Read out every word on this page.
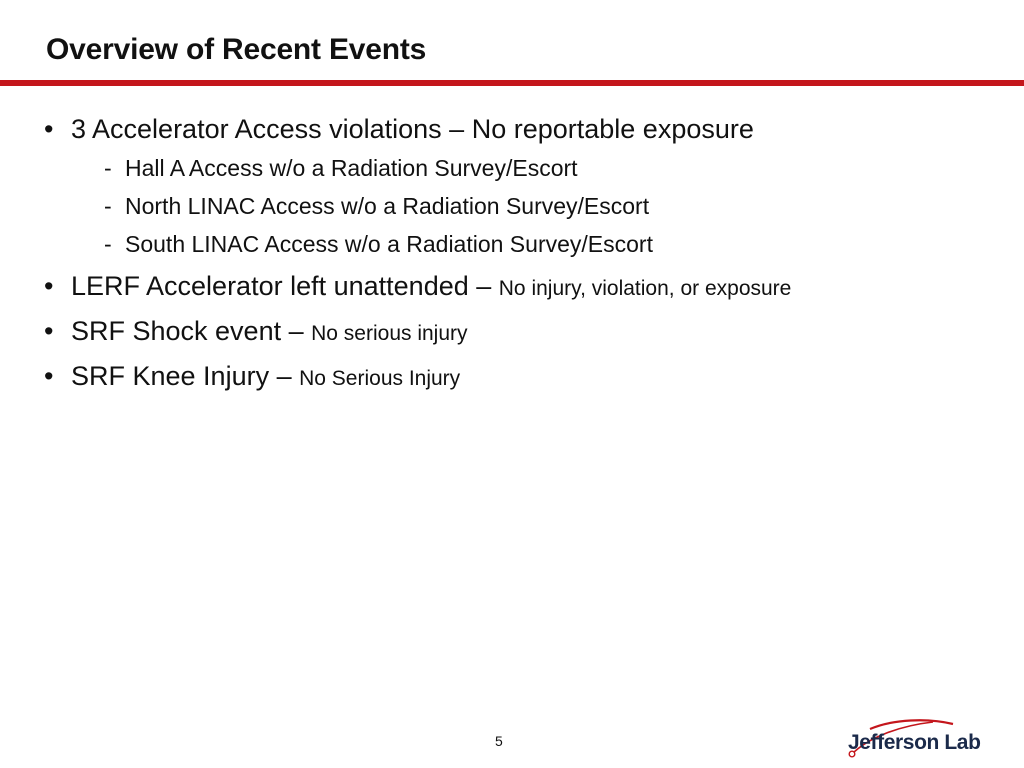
Overview of Recent Events
• 3 Accelerator Access violations – No reportable exposure
- Hall A Access w/o a Radiation Survey/Escort
- North LINAC Access w/o a Radiation Survey/Escort
- South LINAC Access w/o a Radiation Survey/Escort
• LERF Accelerator left unattended – No injury, violation, or exposure
• SRF Shock event – No serious injury
• SRF Knee Injury – No Serious Injury
5	Jefferson Lab
